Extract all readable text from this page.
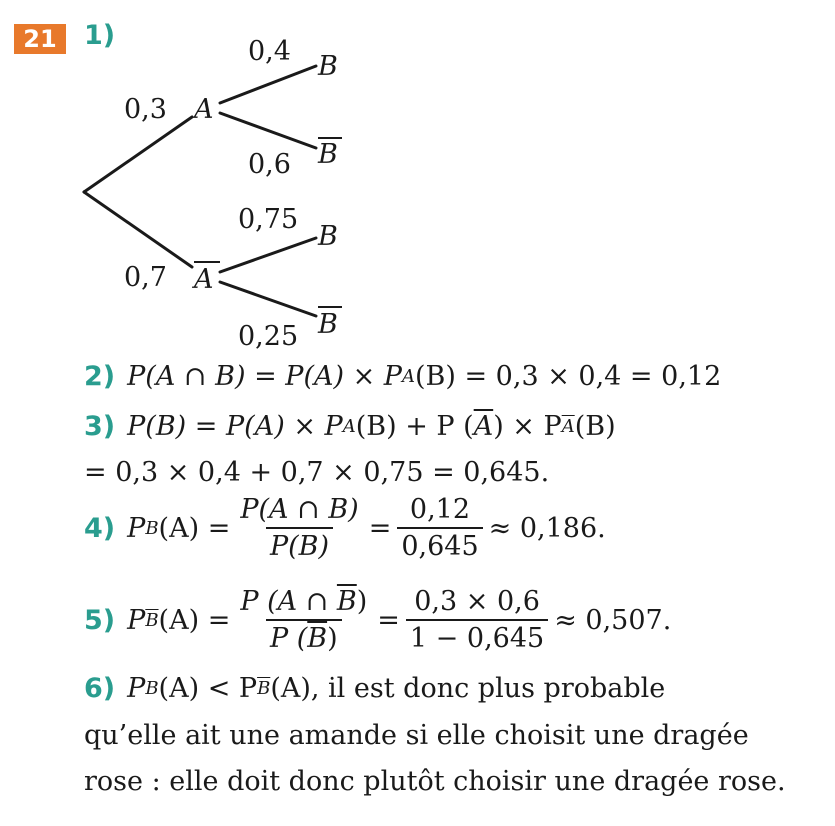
21	1)
A
A
B
B
B
B
0,3
0,7
0,4
0,6
0,75
0,25
2) P(A ∩ B) = P(A) × P A (B) = 0,3 × 0,4 = 0,12
3) P(B) = P(A) × P A (B) + P ( $\overline{A}$ ) × P $\overline{A}$ (B)
= 0,3 × 0,4 + 0,7 × 0,75 = 0,645.
4) P B $(A) = \frac{P(A \cap B)}{P(B)} = \frac{0,12}{0,645} \approx 0,186$.
5) P $\overline{B}$ $(A) = \frac{P (A \cap \overline{B})}{P (\overline{B})} = \frac{0,3 \times 0,6}{1 - 0,645} \approx 0,507$.
6) P B (A) < P $\overline{B}$ (A), il est donc plus probable
qu’elle ait une amande si elle choisit une dragée
rose : elle doit donc plutôt choisir une dragée rose.
